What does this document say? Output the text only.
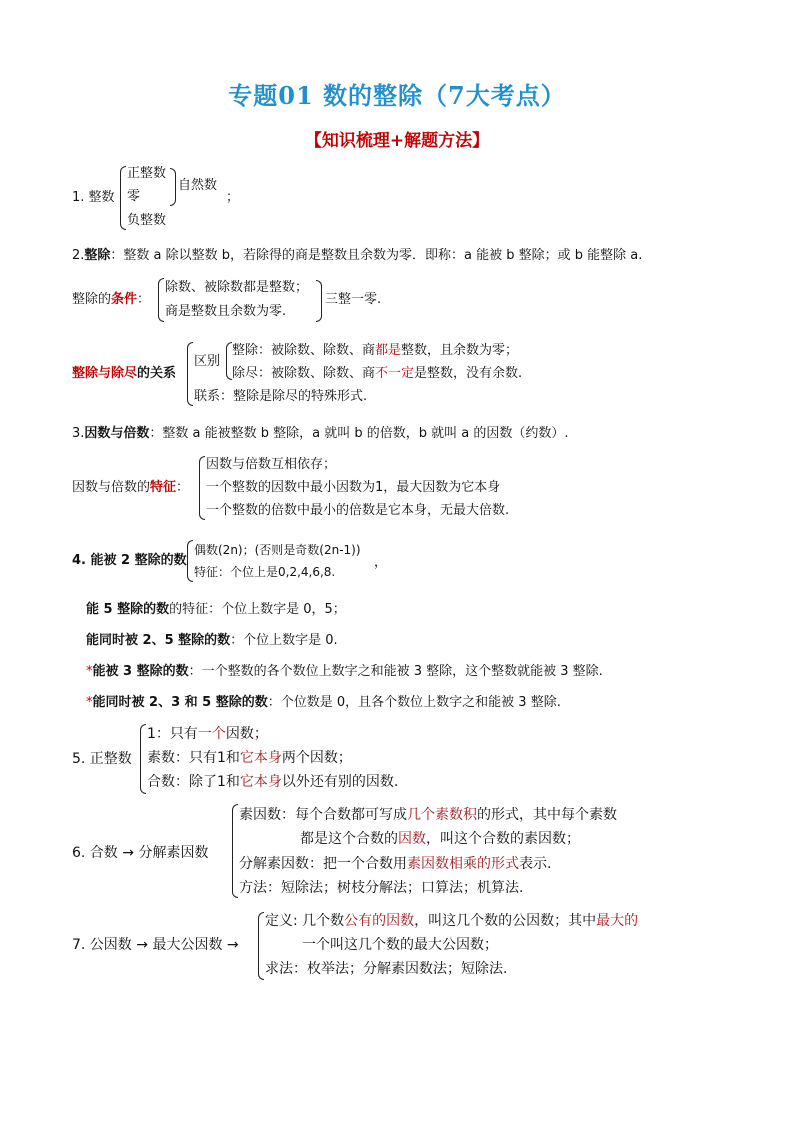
专题01 数的整除（7大考点）
【知识梳理+解题方法】
1. 整数
正整数
零
负整数
自然数
；
2.整除：整数 a 除以整数 b，若除得的商是整数且余数为零．即称：a 能被 b 整除；或 b 能整除 a.
整除的条件：
除数、被除数都是整数；
商是整数且余数为零.
三整一零.
整除与除尽的关系
区别
整除：被除数、除数、商都是整数，且余数为零；
除尽：被除数、除数、商不一定是整数，没有余数.
联系：整除是除尽的特殊形式.
3.因数与倍数：整数 a 能被整数 b 整除，a 就叫 b 的倍数，b 就叫 a 的因数（约数）.
因数与倍数的特征：
因数与倍数互相依存；
一个整数的因数中最小因数为1，最大因数为它本身
一个整数的倍数中最小的倍数是它本身，无最大倍数.
4. 能被 2 整除的数
偶数(2n)；(否则是奇数(2n-1))
特征：个位上是0,2,4,6,8.
，
能 5 整除的数的特征：个位上数字是 0，5；
能同时被 2、5 整除的数：个位上数字是 0.
*能被 3 整除的数：一个整数的各个数位上数字之和能被 3 整除，这个整数就能被 3 整除.
*能同时被 2、3 和 5 整除的数：个位数是 0，且各个数位上数字之和能被 3 整除.
5. 正整数
1：只有一个因数；
素数：只有1和它本身两个因数；
合数：除了1和它本身以外还有别的因数.
6. 合数 → 分解素因数
素因数：每个合数都可写成几个素数积的形式，其中每个素数
都是这个合数的因数，叫这个合数的素因数；
分解素因数：把一个合数用素因数相乘的形式表示.
方法：短除法；树枝分解法；口算法；机算法.
7. 公因数 → 最大公因数 →
定义: 几个数公有的因数，叫这几个数的公因数；其中最大的
一个叫这几个数的最大公因数；
求法：枚举法；分解素因数法；短除法.
